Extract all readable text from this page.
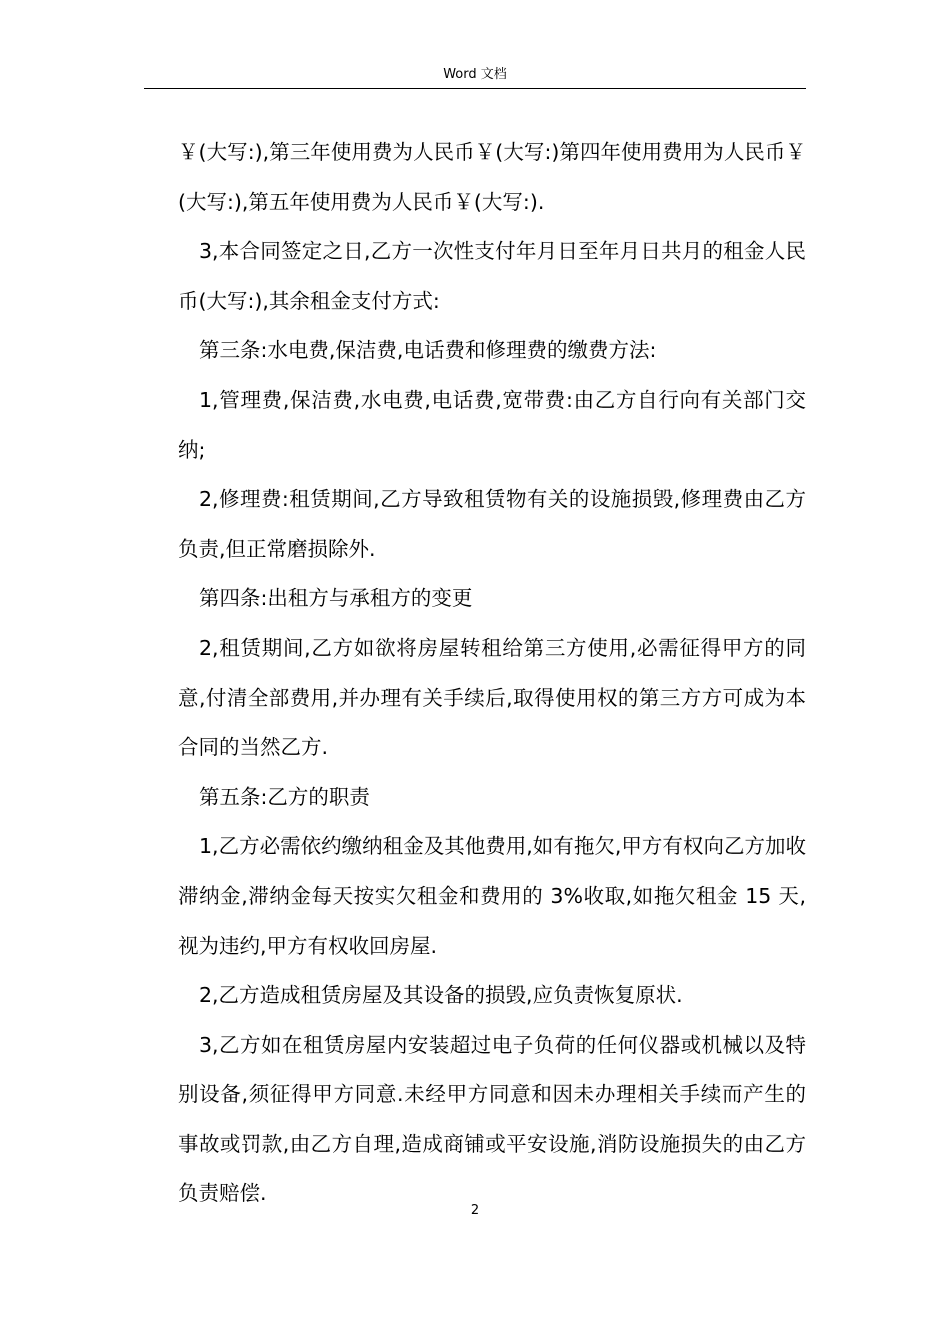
Word 文档

￥(大写:),第三年使用费为人民币￥(大写:)第四年使用费用为人民币￥(大写:),第五年使用费为人民币￥(大写:).

3,本合同签定之日,乙方一次性支付年月日至年月日共月的租金人民币(大写:),其余租金支付方式:

第三条:水电费,保洁费,电话费和修理费的缴费方法:

1,管理费,保洁费,水电费,电话费,宽带费:由乙方自行向有关部门交纳;

2,修理费:租赁期间,乙方导致租赁物有关的设施损毁,修理费由乙方负责,但正常磨损除外.

第四条:出租方与承租方的变更

2,租赁期间,乙方如欲将房屋转租给第三方使用,必需征得甲方的同意,付清全部费用,并办理有关手续后,取得使用权的第三方方可成为本合同的当然乙方.

第五条:乙方的职责

1,乙方必需依约缴纳租金及其他费用,如有拖欠,甲方有权向乙方加收滞纳金,滞纳金每天按实欠租金和费用的 3%收取,如拖欠租金 15 天,视为违约,甲方有权收回房屋.

2,乙方造成租赁房屋及其设备的损毁,应负责恢复原状.

3,乙方如在租赁房屋内安装超过电子负荷的任何仪器或机械以及特别设备,须征得甲方同意.未经甲方同意和因未办理相关手续而产生的事故或罚款,由乙方自理,造成商铺或平安设施,消防设施损失的由乙方负责赔偿.

2
